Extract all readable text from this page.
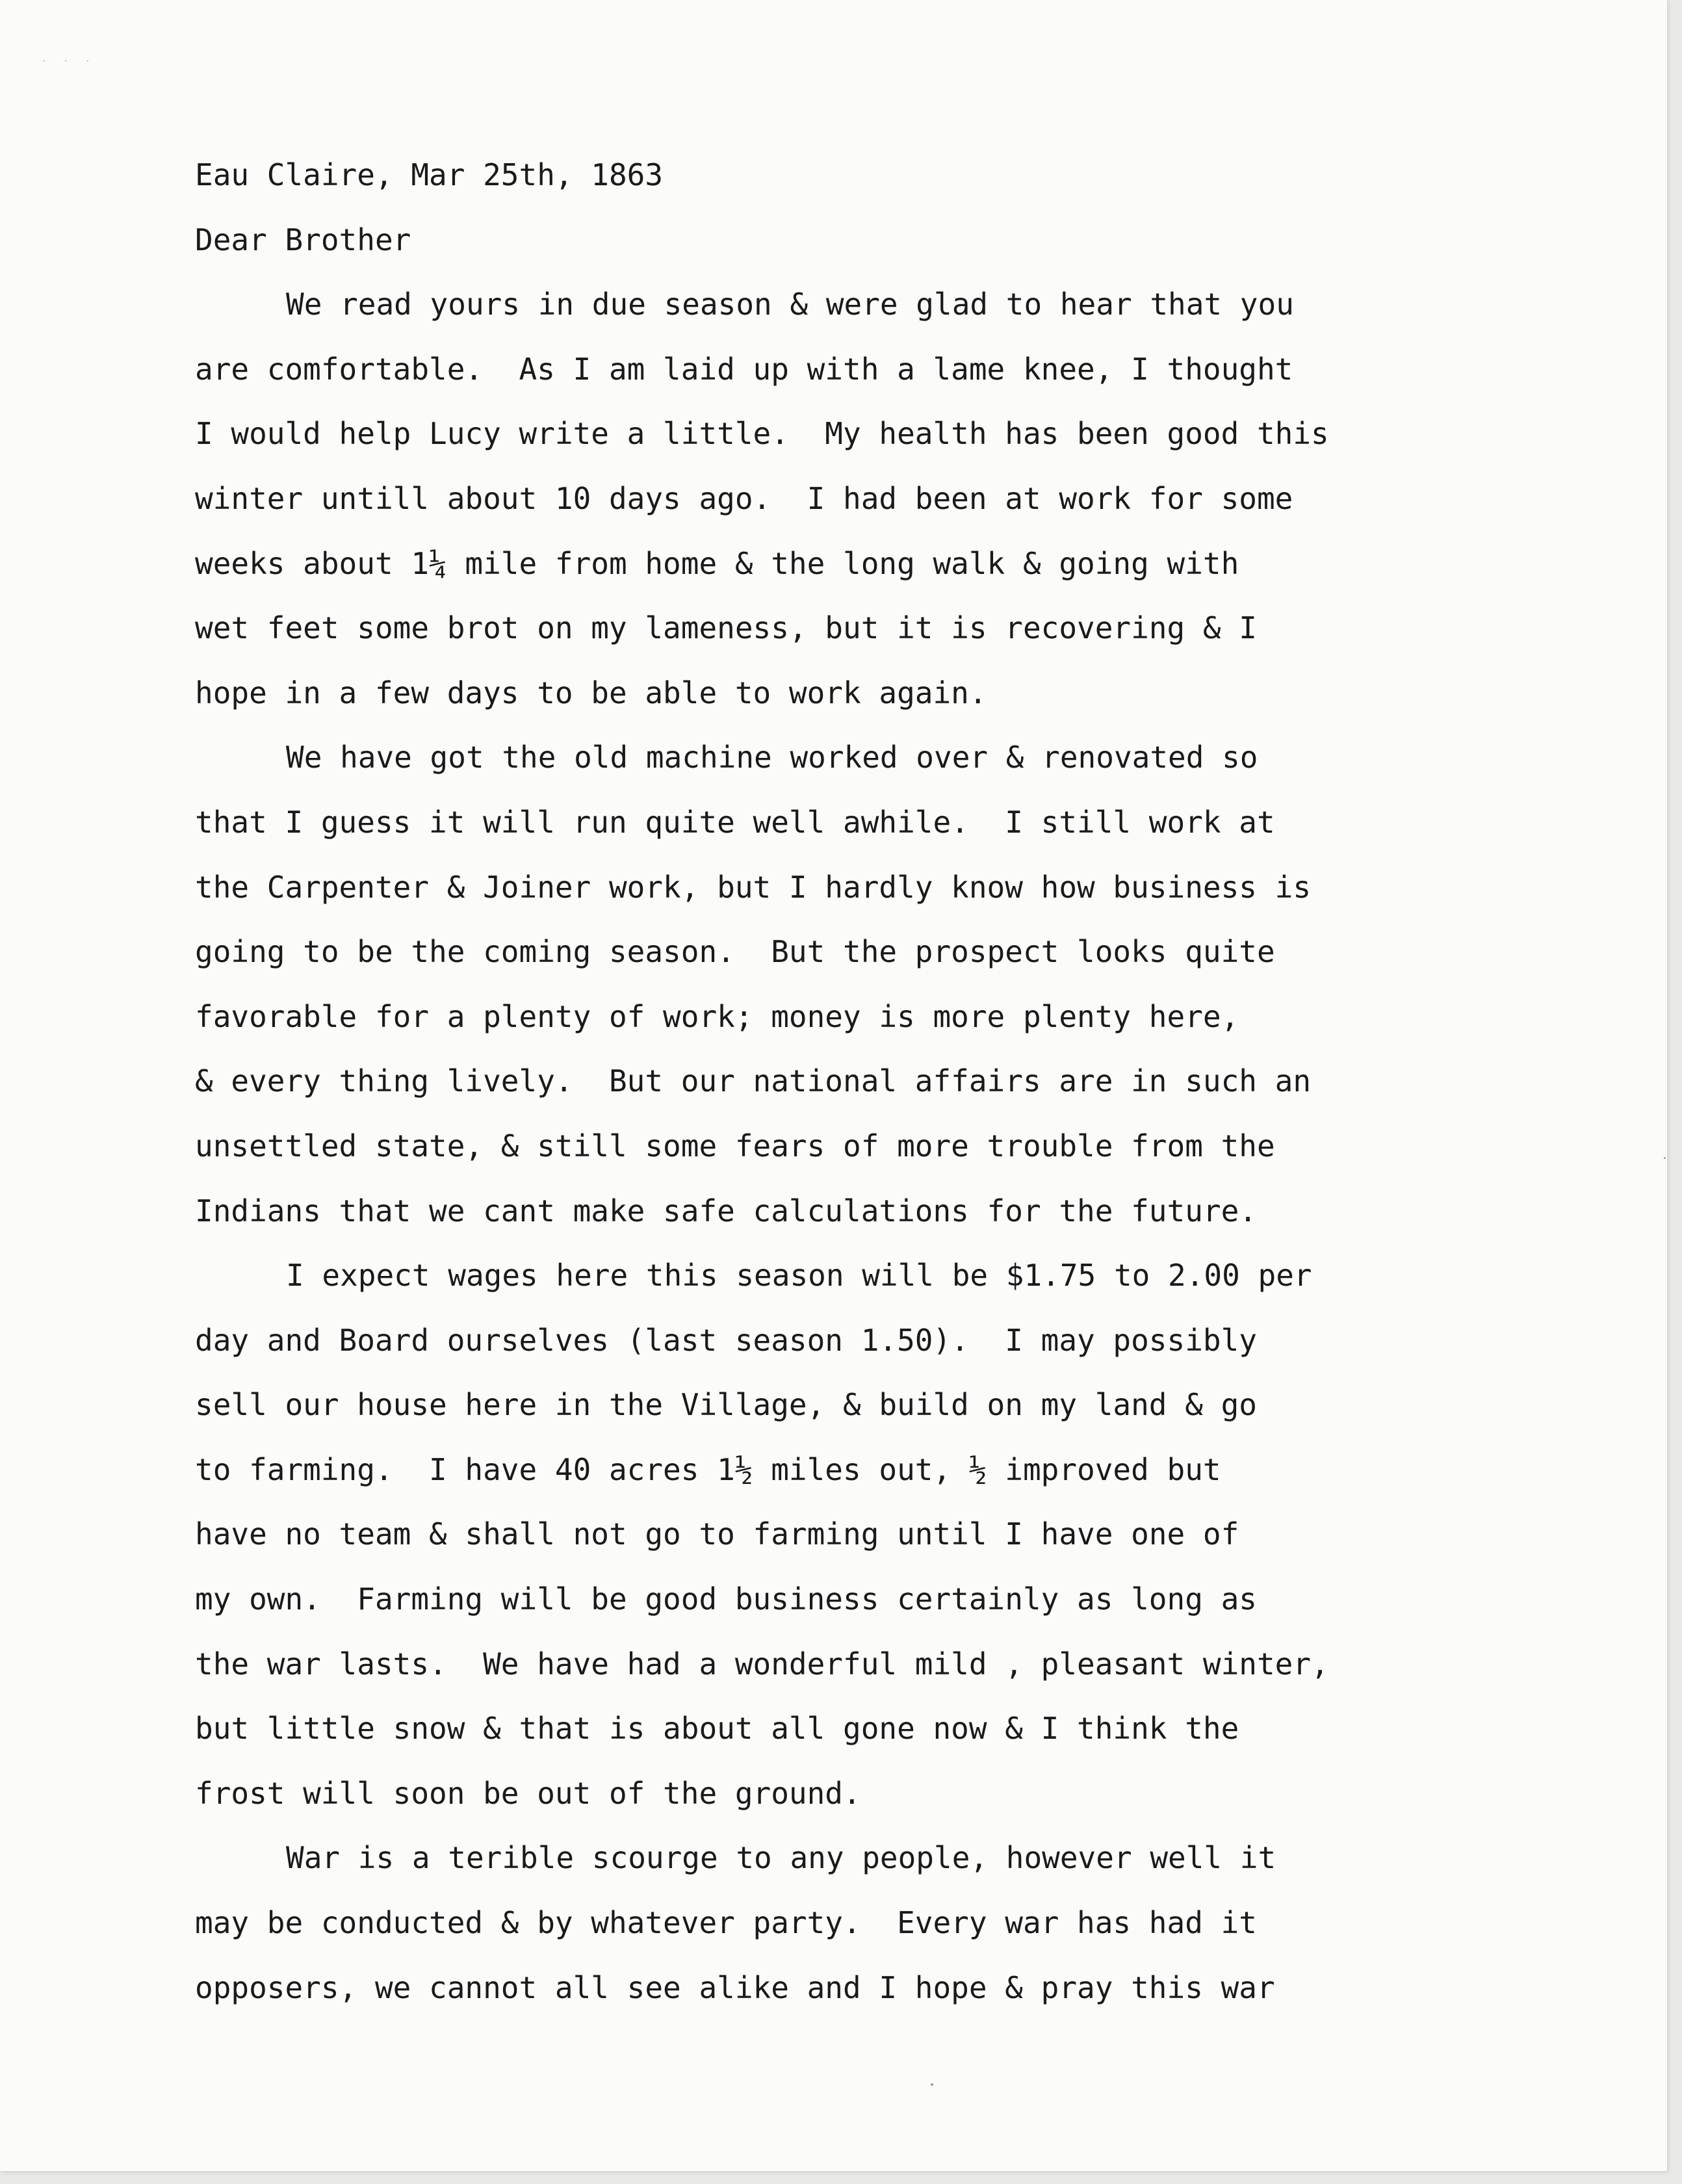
· · ·
Eau Claire, Mar 25th, 1863
Dear Brother
We read yours in due season & were glad to hear that you
are comfortable.  As I am laid up with a lame knee, I thought
I would help Lucy write a little.  My health has been good this
winter untill about 10 days ago.  I had been at work for some
weeks about 1¼ mile from home & the long walk & going with
wet feet some brot on my lameness, but it is recovering & I
hope in a few days to be able to work again.
We have got the old machine worked over & renovated so
that I guess it will run quite well awhile.  I still work at
the Carpenter & Joiner work, but I hardly know how business is
going to be the coming season.  But the prospect looks quite
favorable for a plenty of work; money is more plenty here,
& every thing lively.  But our national affairs are in such an
unsettled state, & still some fears of more trouble from the
Indians that we cant make safe calculations for the future.
I expect wages here this season will be $1.75 to 2.00 per
day and Board ourselves (last season 1.50).  I may possibly
sell our house here in the Village, & build on my land & go
to farming.  I have 40 acres 1½ miles out, ½ improved but
have no team & shall not go to farming until I have one of
my own.  Farming will be good business certainly as long as
the war lasts.  We have had a wonderful mild , pleasant winter,
but little snow & that is about all gone now & I think the
frost will soon be out of the ground.
War is a terible scourge to any people, however well it
may be conducted & by whatever party.  Every war has had it
opposers, we cannot all see alike and I hope & pray this war
